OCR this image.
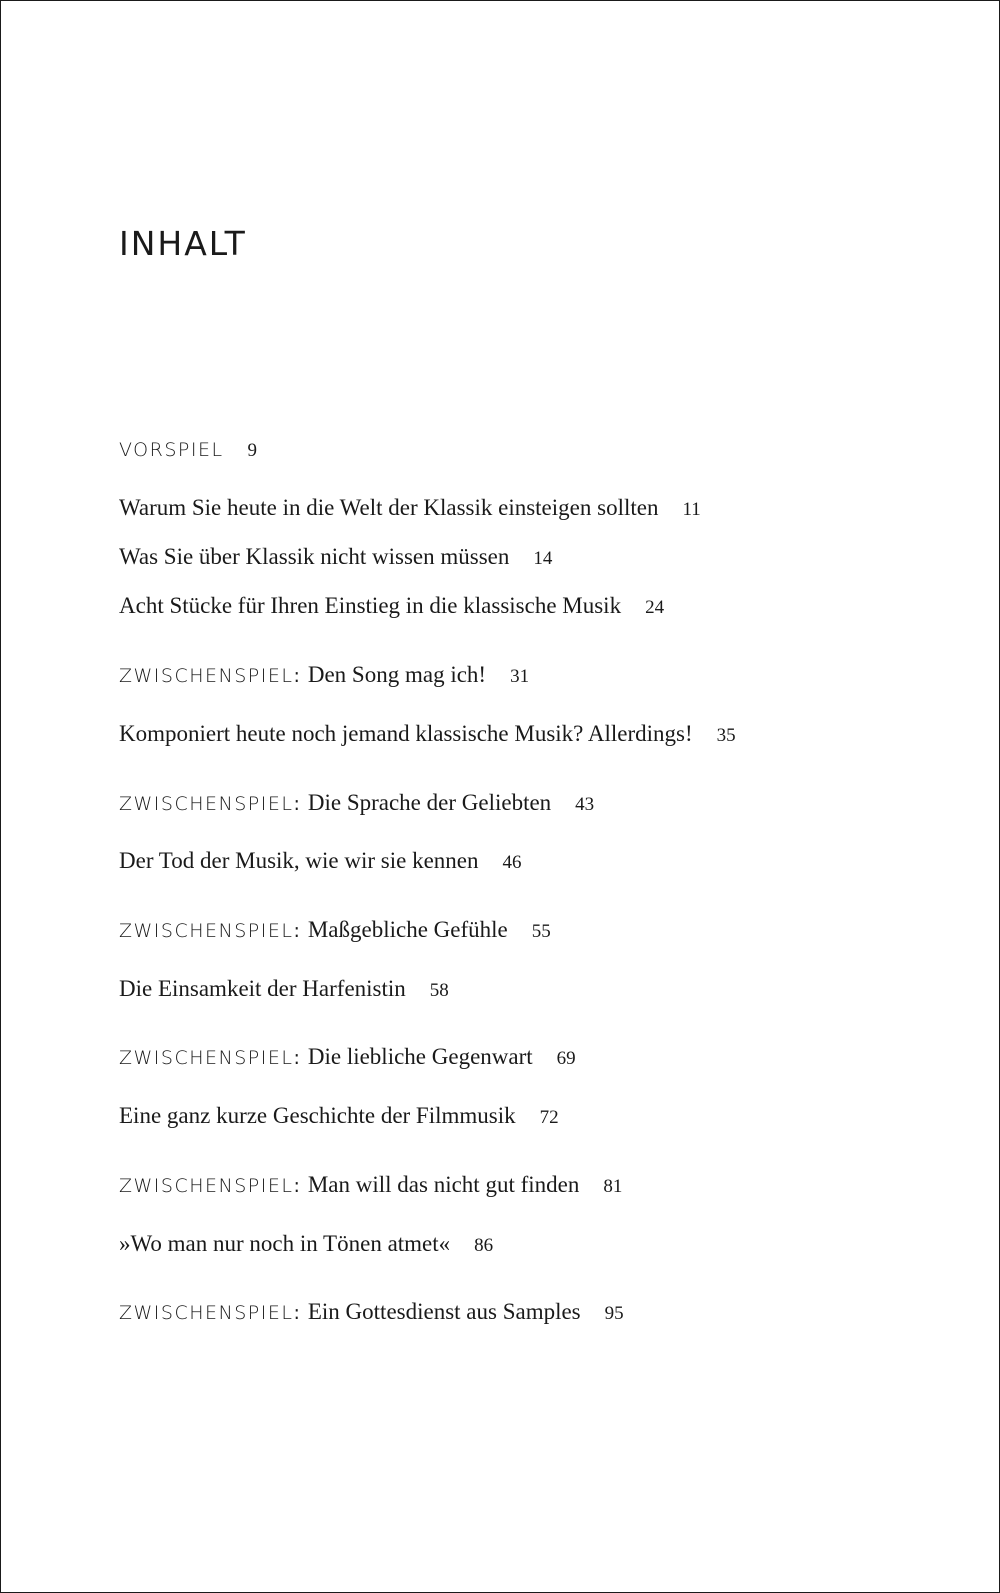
INHALT
VORSPIEL 9
Warum Sie heute in die Welt der Klassik einsteigen sollten 11
Was Sie über Klassik nicht wissen müssen 14
Acht Stücke für Ihren Einstieg in die klassische Musik 24
ZWISCHENSPIEL: Den Song mag ich! 31
Komponiert heute noch jemand klassische Musik? Allerdings! 35
ZWISCHENSPIEL: Die Sprache der Geliebten 43
Der Tod der Musik, wie wir sie kennen 46
ZWISCHENSPIEL: Maßgebliche Gefühle 55
Die Einsamkeit der Harfenistin 58
ZWISCHENSPIEL: Die liebliche Gegenwart 69
Eine ganz kurze Geschichte der Filmmusik 72
ZWISCHENSPIEL: Man will das nicht gut finden 81
»Wo man nur noch in Tönen atmet« 86
ZWISCHENSPIEL: Ein Gottesdienst aus Samples 95
